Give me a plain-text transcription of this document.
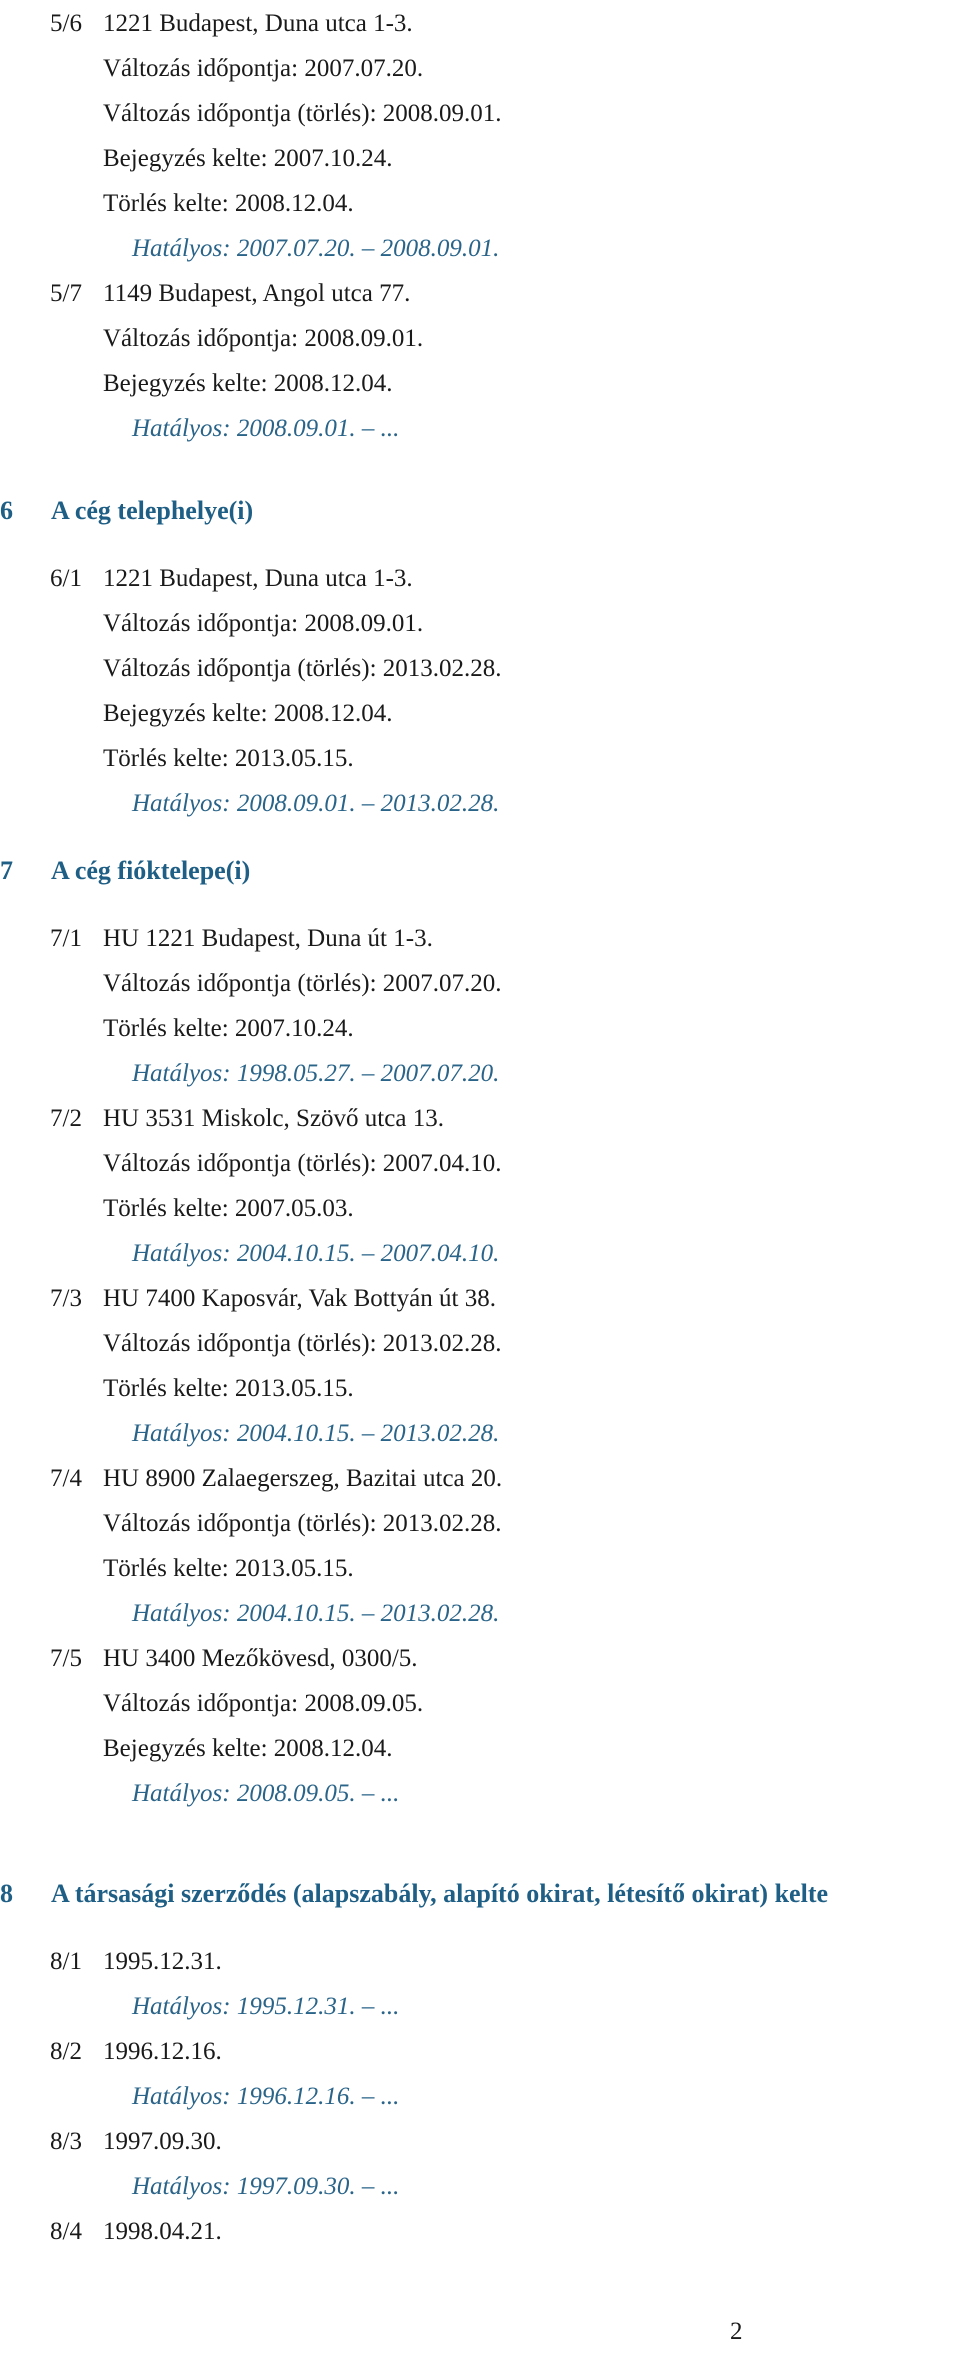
5/6 1221 Budapest, Duna utca 1-3.
Változás időpontja: 2007.07.20.
Változás időpontja (törlés): 2008.09.01.
Bejegyzés kelte: 2007.10.24.
Törlés kelte: 2008.12.04.
Hatályos: 2007.07.20. – 2008.09.01.
5/7 1149 Budapest, Angol utca 77.
Változás időpontja: 2008.09.01.
Bejegyzés kelte: 2008.12.04.
Hatályos: 2008.09.01. – ...
6 A cég telephelye(i)
6/1 1221 Budapest, Duna utca 1-3.
Változás időpontja: 2008.09.01.
Változás időpontja (törlés): 2013.02.28.
Bejegyzés kelte: 2008.12.04.
Törlés kelte: 2013.05.15.
Hatályos: 2008.09.01. – 2013.02.28.
7 A cég fióktelepe(i)
7/1 HU 1221 Budapest, Duna út 1-3.
Változás időpontja (törlés): 2007.07.20.
Törlés kelte: 2007.10.24.
Hatályos: 1998.05.27. – 2007.07.20.
7/2 HU 3531 Miskolc, Szövő utca 13.
Változás időpontja (törlés): 2007.04.10.
Törlés kelte: 2007.05.03.
Hatályos: 2004.10.15. – 2007.04.10.
7/3 HU 7400 Kaposvár, Vak Bottyán út 38.
Változás időpontja (törlés): 2013.02.28.
Törlés kelte: 2013.05.15.
Hatályos: 2004.10.15. – 2013.02.28.
7/4 HU 8900 Zalaegerszeg, Bazitai utca 20.
Változás időpontja (törlés): 2013.02.28.
Törlés kelte: 2013.05.15.
Hatályos: 2004.10.15. – 2013.02.28.
7/5 HU 3400 Mezőkövesd, 0300/5.
Változás időpontja: 2008.09.05.
Bejegyzés kelte: 2008.12.04.
Hatályos: 2008.09.05. – ...
8 A társasági szerződés (alapszabály, alapító okirat, létesítő okirat) kelte
8/1 1995.12.31.
Hatályos: 1995.12.31. – ...
8/2 1996.12.16.
Hatályos: 1996.12.16. – ...
8/3 1997.09.30.
Hatályos: 1997.09.30. – ...
8/4 1998.04.21.
2
